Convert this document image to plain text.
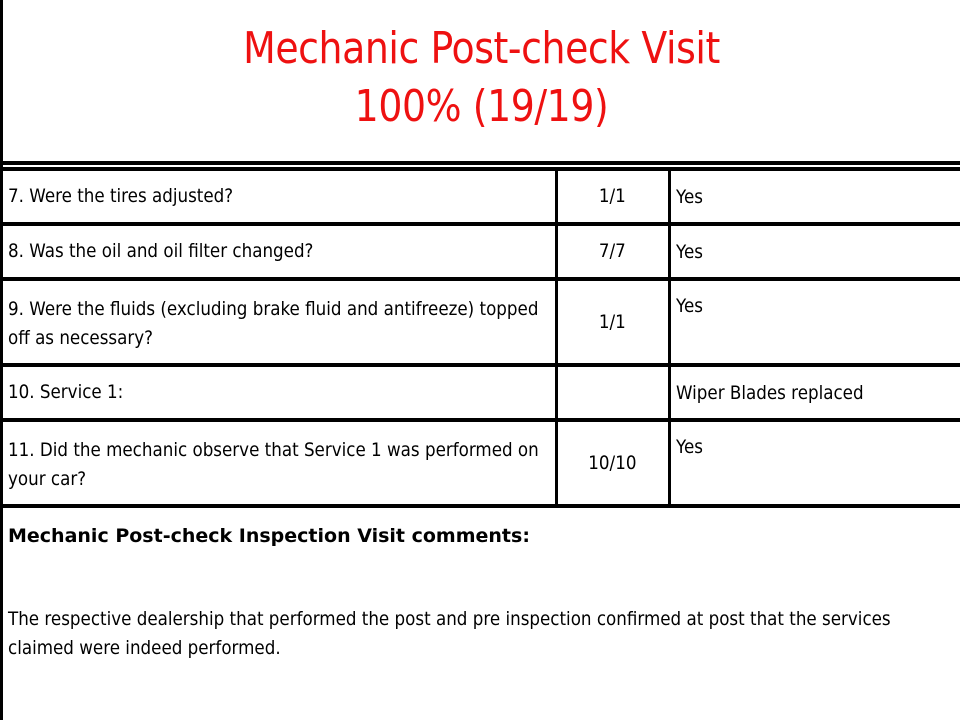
Mechanic Post-check Visit
100% (19/19)
7. Were the tires adjusted?	1/1	Yes
8. Was the oil and oil filter changed?	7/7	Yes

9. Were the fluids (excluding brake fluid and antifreeze) topped off as necessary?	1/1	Yes
10. Service 1:		Wiper Blades replaced

11. Did the mechanic observe that Service 1 was performed on your car?	10/10	Yes
Mechanic Post-check Inspection Visit comments:
The respective dealership that performed the post and pre inspection confirmed at post that the services claimed were indeed performed.
